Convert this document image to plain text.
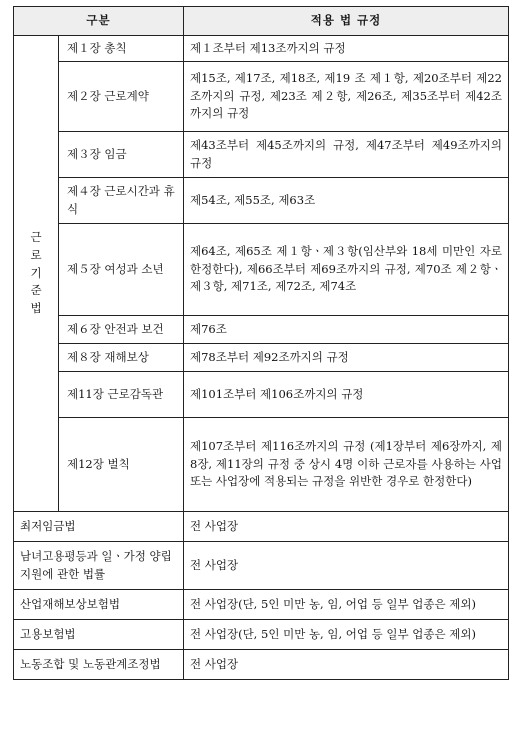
구분		적용 법 규정
근로기준법	제１장 총칙	제１조부터 제13조까지의 규정
	제２장 근로계약	제15조, 제17조, 제18조, 제19 조 제１항, 제20조부터 제22조까지의 규정, 제23조 제２항, 제26조, 제35조부터 제42조까지의 규정
	제３장 임금	제43조부터 제45조까지의 규정, 제47조부터 제49조까지의 규정
	제４장 근로시간과 휴식	제54조, 제55조, 제63조
	제５장 여성과 소년	제64조, 제65조 제１항ㆍ제３항(임산부와 18세 미만인 자로 한정한다), 제66조부터 제69조까지의 규정, 제70조 제２항ㆍ제３항, 제71조, 제72조, 제74조
	제６장 안전과 보건	제76조
	제８장 재해보상	제78조부터 제92조까지의 규정
	제11장 근로감독관	제101조부터 제106조까지의 규정
	제12장 벌칙	제107조부터 제116조까지의 규정 (제1장부터 제6장까지, 제8장, 제11장의 규정 중 상시 4명 이하 근로자를 사용하는 사업 또는 사업장에 적용되는 규정을 위반한 경우로 한정한다)
최저임금법		전 사업장
남녀고용평등과 일ㆍ가정 양립 지원에 관한 법률		전 사업장
산업재해보상보험법		전 사업장(단, 5인 미만 농, 임, 어업 등 일부 업종은 제외)
고용보험법		전 사업장(단, 5인 미만 농, 임, 어업 등 일부 업종은 제외)
노동조합 및 노동관계조정법		전 사업장
